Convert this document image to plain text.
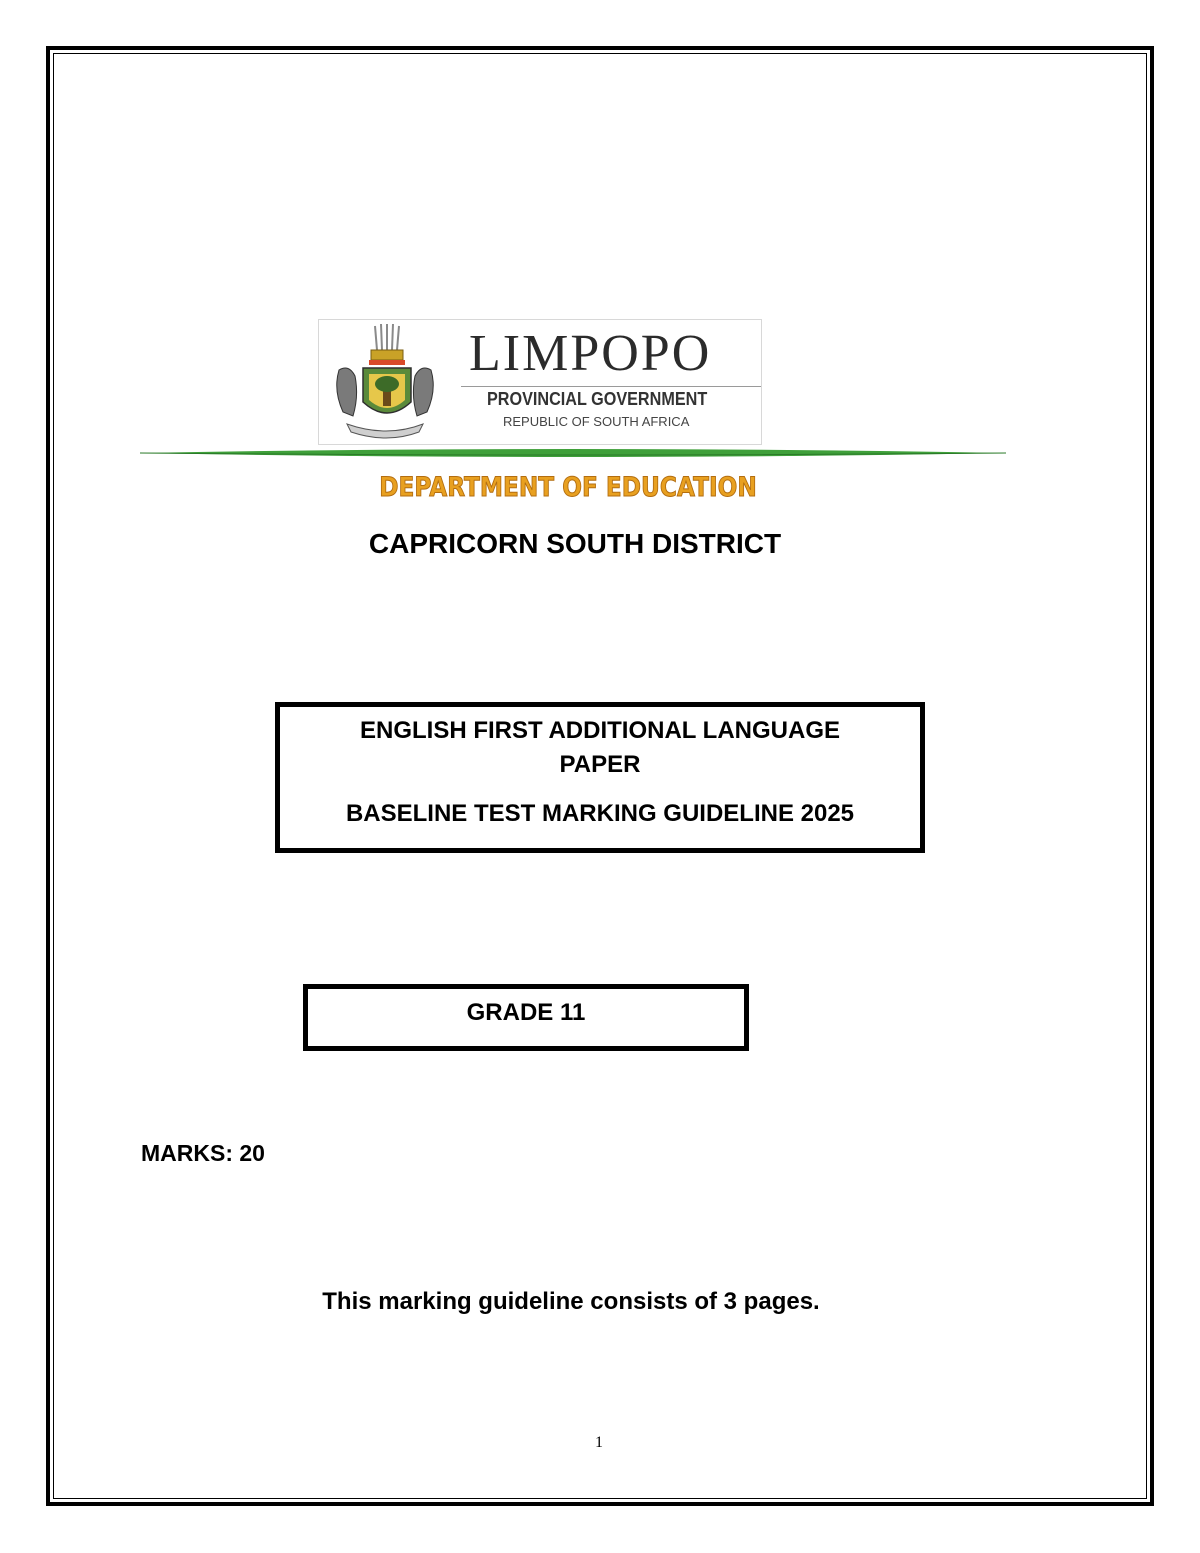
LIMPOPO
PROVINCIAL GOVERNMENT
REPUBLIC OF SOUTH AFRICA
DEPARTMENT OF EDUCATION
CAPRICORN SOUTH DISTRICT
ENGLISH FIRST ADDITIONAL LANGUAGE
PAPER
BASELINE TEST MARKING GUIDELINE 2025
GRADE 11
MARKS: 20
This marking guideline consists of 3 pages.
1
